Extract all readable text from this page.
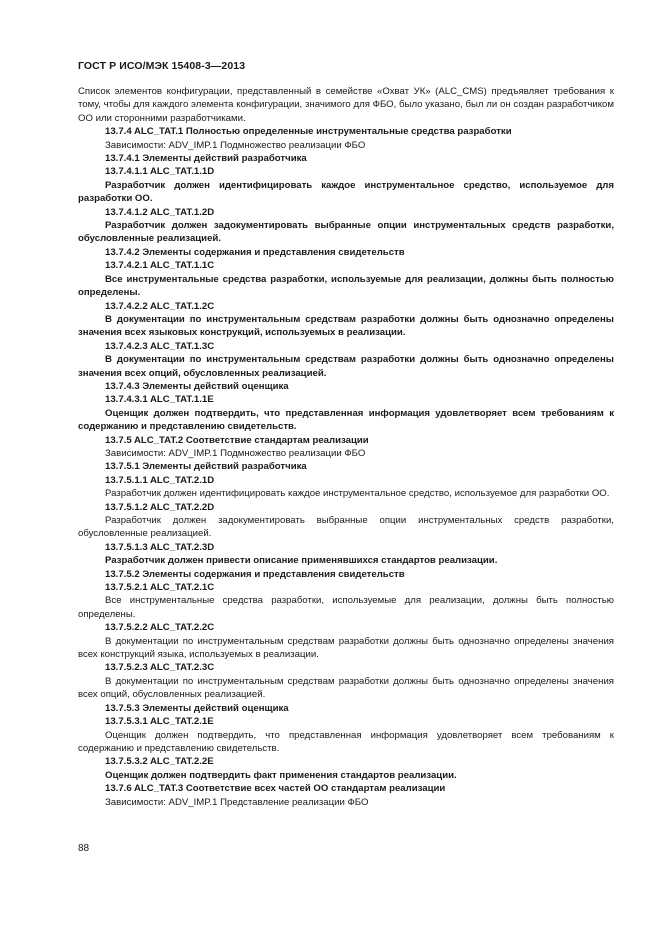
ГОСТ Р ИСО/МЭК 15408-3—2013

Список элементов конфигурации, представленный в семействе «Охват УК» (ALC_CMS) предъявляет требования к тому, чтобы для каждого элемента конфигурации, значимого для ФБО, было указано, был ли он создан разработчиком ОО или сторонними разработчиками.

13.7.4 ALC_TAT.1 Полностью определенные инструментальные средства разработки

Зависимости: ADV_IMP.1 Подмножество реализации ФБО

13.7.4.1 Элементы действий разработчика

13.7.4.1.1 ALC_TAT.1.1D

Разработчик должен идентифицировать каждое инструментальное средство, используемое для разработки ОО.

13.7.4.1.2 ALC_TAT.1.2D

Разработчик должен задокументировать выбранные опции инструментальных средств разработки, обусловленные реализацией.

13.7.4.2 Элементы содержания и представления свидетельств

13.7.4.2.1 ALC_TAT.1.1C

Все инструментальные средства разработки, используемые для реализации, должны быть полностью определены.

13.7.4.2.2 ALC_TAT.1.2C

В документации по инструментальным средствам разработки должны быть однозначно определены значения всех языковых конструкций, используемых в реализации.

13.7.4.2.3 ALC_TAT.1.3C

В документации по инструментальным средствам разработки должны быть однозначно определены значения всех опций, обусловленных реализацией.

13.7.4.3 Элементы действий оценщика

13.7.4.3.1 ALC_TAT.1.1E

Оценщик должен подтвердить, что представленная информация удовлетворяет всем требованиям к содержанию и представлению свидетельств.

13.7.5 ALC_TAT.2 Соответствие стандартам реализации

Зависимости: ADV_IMP.1 Подмножество реализации ФБО

13.7.5.1 Элементы действий разработчика

13.7.5.1.1 ALC_TAT.2.1D

Разработчик должен идентифицировать каждое инструментальное средство, используемое для разработки ОО.

13.7.5.1.2 ALC_TAT.2.2D

Разработчик должен задокументировать выбранные опции инструментальных средств разработки, обусловленные реализацией.

13.7.5.1.3 ALC_TAT.2.3D

Разработчик должен привести описание применявшихся стандартов реализации.

13.7.5.2 Элементы содержания и представления свидетельств

13.7.5.2.1 ALC_TAT.2.1C

Все инструментальные средства разработки, используемые для реализации, должны быть полностью определены.

13.7.5.2.2 ALC_TAT.2.2C

В документации по инструментальным средствам разработки должны быть однозначно определены значения всех конструкций языка, используемых в реализации.

13.7.5.2.3 ALC_TAT.2.3C

В документации по инструментальным средствам разработки должны быть однозначно определены значения всех опций, обусловленных реализацией.

13.7.5.3 Элементы действий оценщика

13.7.5.3.1 ALC_TAT.2.1E

Оценщик должен подтвердить, что представленная информация удовлетворяет всем требованиям к содержанию и представлению свидетельств.

13.7.5.3.2 ALC_TAT.2.2E

Оценщик должен подтвердить факт применения стандартов реализации.

13.7.6 ALC_TAT.3 Соответствие всех частей ОО стандартам реализации

Зависимости: ADV_IMP.1 Представление реализации ФБО

88
